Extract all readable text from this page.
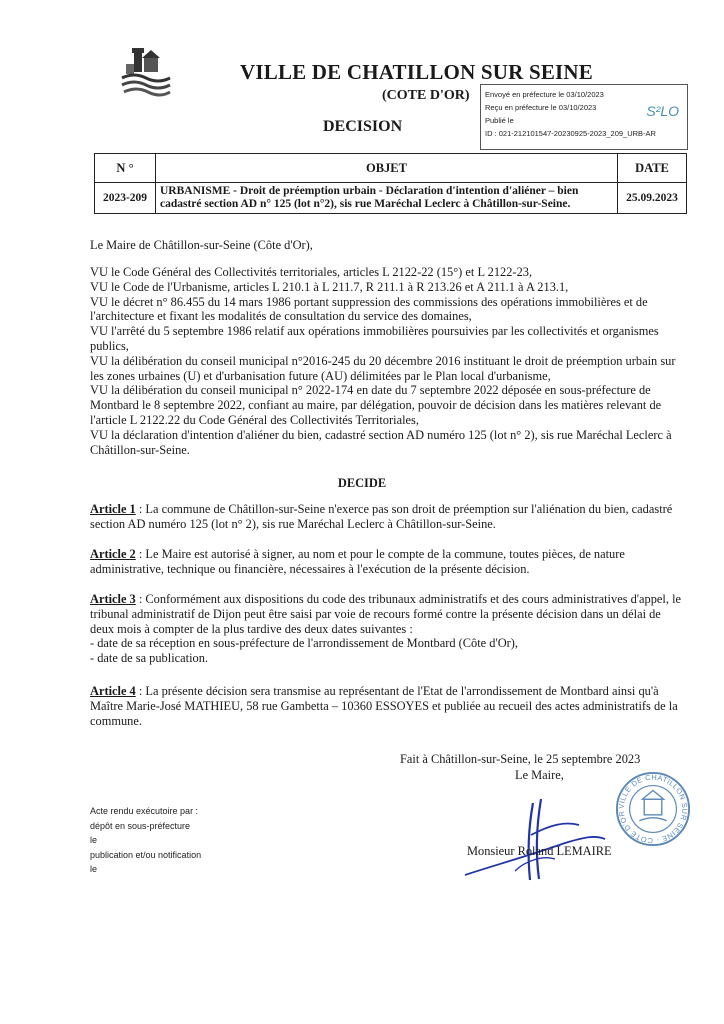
VILLE DE CHATILLON SUR SEINE
(COTE D'OR)
DECISION
Envoyé en préfecture le 03/10/2023
Reçu en préfecture le 03/10/2023
Publié le
ID : 021-212101547-20230925-2023_209_URB-AR
S²LO
N °	OBJET	DATE
2023-209	URBANISME - Droit de préemption urbain - Déclaration d'intention d'aliéner – bien cadastré section AD n° 125 (lot n°2), sis rue Maréchal Leclerc à Châtillon-sur-Seine.	25.09.2023
Le Maire de Châtillon-sur-Seine (Côte d'Or),

VU le Code Général des Collectivités territoriales, articles L 2122-22 (15°) et L 2122-23,

VU le Code de l'Urbanisme, articles L 210.1 à L 211.7, R 211.1 à R 213.26 et A 211.1 à A 213.1,

VU le décret n° 86.455 du 14 mars 1986 portant suppression des commissions des opérations immobilières et de l'architecture et fixant les modalités de consultation du service des domaines,

VU l'arrêté du 5 septembre 1986 relatif aux opérations immobilières poursuivies par les collectivités et organismes publics,

VU la délibération du conseil municipal n°2016-245 du 20 décembre 2016 instituant le droit de préemption urbain sur les zones urbaines (U) et d'urbanisation future (AU) délimitées par le Plan local d'urbanisme,

VU la délibération du conseil municipal n° 2022-174 en date du 7 septembre 2022 déposée en sous-préfecture de Montbard le 8 septembre 2022, confiant au maire, par délégation, pouvoir de décision dans les matières relevant de l'article L 2122.22 du Code Général des Collectivités Territoriales,

VU la déclaration d'intention d'aliéner du bien, cadastré section AD numéro 125 (lot n° 2), sis rue Maréchal Leclerc à Châtillon-sur-Seine.

DECIDE
Article 1 : La commune de Châtillon-sur-Seine n'exerce pas son droit de préemption sur l'aliénation du bien, cadastré section AD numéro 125 (lot n° 2), sis rue Maréchal Leclerc à Châtillon-sur-Seine.
Article 2 : Le Maire est autorisé à signer, au nom et pour le compte de la commune, toutes pièces, de nature administrative, technique ou financière, nécessaires à l'exécution de la présente décision.
Article 3 : Conformément aux dispositions du code des tribunaux administratifs et des cours administratives d'appel, le tribunal administratif de Dijon peut être saisi par voie de recours formé contre la présente décision dans un délai de deux mois à compter de la plus tardive des deux dates suivantes :

- date de sa réception en sous-préfecture de l'arrondissement de Montbard (Côte d'Or),

- date de sa publication.

Article 4 : La présente décision sera transmise au représentant de l'Etat de l'arrondissement de Montbard ainsi qu'à Maître Marie-José MATHIEU, 58 rue Gambetta – 10360 ESSOYES et publiée au recueil des actes administratifs de la commune.
Fait à Châtillon-sur-Seine, le 25 septembre 2023
Le Maire,
VILLE DE CHATILLON SUR SEINE · COTE D'OR
Monsieur Roland LEMAIRE
Acte rendu exécutoire par :
dépôt en sous-préfecture
le
publication et/ou notification
le
